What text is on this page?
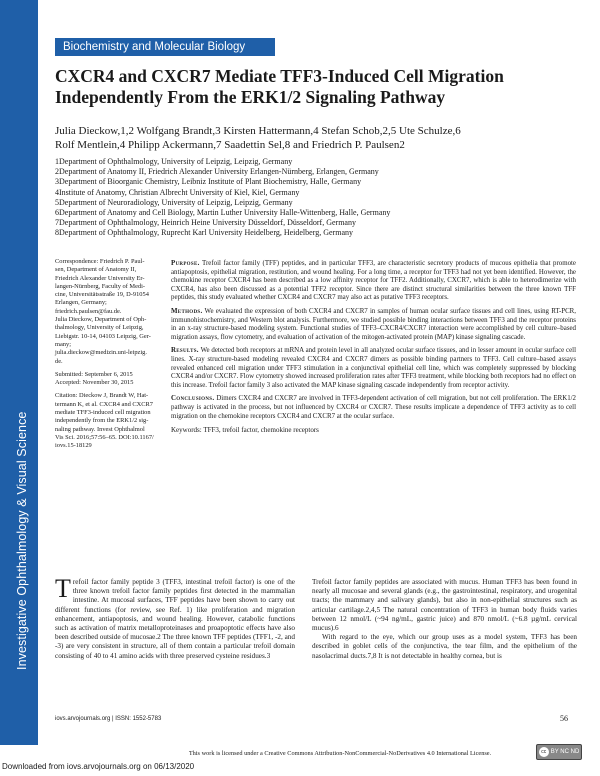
Investigative Ophthalmology & Visual Science
Biochemistry and Molecular Biology
CXCR4 and CXCR7 Mediate TFF3-Induced Cell Migration
Independently From the ERK1/2 Signaling Pathway
Julia Dieckow,1,2 Wolfgang Brandt,3 Kirsten Hattermann,4 Stefan Schob,2,5 Ute Schulze,6
Rolf Mentlein,4 Philipp Ackermann,7 Saadettin Sel,8 and Friedrich P. Paulsen2
1Department of Ophthalmology, University of Leipzig, Leipzig, Germany
2Department of Anatomy II, Friedrich Alexander University Erlangen-Nürnberg, Erlangen, Germany
3Department of Bioorganic Chemistry, Leibniz Institute of Plant Biochemistry, Halle, Germany
4Institute of Anatomy, Christian Albrecht University of Kiel, Kiel, Germany
5Department of Neuroradiology, University of Leipzig, Leipzig, Germany
6Department of Anatomy and Cell Biology, Martin Luther University Halle-Wittenberg, Halle, Germany
7Department of Ophthalmology, Heinrich Heine University Düsseldorf, Düsseldorf, Germany
8Department of Ophthalmology, Ruprecht Karl University Heidelberg, Heidelberg, Germany
Correspondence: Friedrich P. Paul-
sen, Department of Anatomy II,
Friedrich Alexander University Er-
langen-Nürnberg, Faculty of Medi-
cine, Universitätsstraße 19, D-91054
Erlangen, Germany;
friedrich.paulsen@fau.de.
Julia Dieckow, Department of Oph-
thalmology, University of Leipzig,
Liebigstr. 10-14, 04103 Leipzig, Ger-
many;
julia.dieckow@medizin.uni-leipzig.
de.
Submitted: September 6, 2015
Accepted: November 30, 2015
Citation: Dieckow J, Brandt W, Hat-
termann K, et al. CXCR4 and CXCR7
mediate TFF3-induced cell migration
independently from the ERK1/2 sig-
naling pathway. Invest Ophthalmol
Vis Sci. 2016;57:56–65. DOI:10.1167/
iovs.15-18129

Purpose. Trefoil factor family (TFF) peptides, and in particular TFF3, are characteristic secretory products of mucous epithelia that promote antiapoptosis, epithelial migration, restitution, and wound healing. For a long time, a receptor for TFF3 had not yet been identified. However, the chemokine receptor CXCR4 has been described as a low affinity receptor for TFF2. Additionally, CXCR7, which is able to heterodimerize with CXCR4, has also been discussed as a potential TFF2 receptor. Since there are distinct structural similarities between the three known TFF peptides, this study evaluated whether CXCR4 and CXCR7 may also act as putative TFF3 receptors.

Methods. We evaluated the expression of both CXCR4 and CXCR7 in samples of human ocular surface tissues and cell lines, using RT-PCR, immunohistochemistry, and Western blot analysis. Furthermore, we studied possible binding interactions between TFF3 and the receptor proteins in an x-ray structure-based modeling system. Functional studies of TFF3–CXCR4/CXCR7 interaction were accomplished by cell culture–based migration assays, flow cytometry, and evaluation of activation of the mitogen-activated protein (MAP) kinase signaling cascade.

Results. We detected both receptors at mRNA and protein level in all analyzed ocular surface tissues, and in lesser amount in ocular surface cell lines. X-ray structure-based modeling revealed CXCR4 and CXCR7 dimers as possible binding partners to TFF3. Cell culture–based assays revealed enhanced cell migration under TFF3 stimulation in a conjunctival epithelial cell line, which was completely suppressed by blocking CXCR4 and/or CXCR7. Flow cytometry showed increased proliferation rates after TFF3 treatment, while blocking both receptors had no effect on this increase. Trefoil factor family 3 also activated the MAP kinase signaling cascade independently from receptor activity.

Conclusions. Dimers CXCR4 and CXCR7 are involved in TFF3-dependent activation of cell migration, but not cell proliferation. The ERK1/2 pathway is activated in the process, but not influenced by CXCR4 or CXCR7. These results implicate a dependence of TFF3 activity as to cell migration on the chemokine receptors CXCR4 and CXCR7 at the ocular surface.

Keywords: TFF3, trefoil factor, chemokine receptors

Trefoil factor family peptide 3 (TFF3, intestinal trefoil factor) is one of the three known trefoil factor family peptides first detected in the mammalian intestine. At mucosal surfaces, TFF peptides have been shown to carry out different functions (for review, see Ref. 1) like proliferation and migration enhancement, antiapoptosis, and wound healing. However, catabolic functions such as activation of matrix metalloproteinases and proapoptotic effects have also been described outside of mucosae.2 The three known TFF peptides (TFF1, -2, and -3) are very consistent in structure, all of them contain a particular trefoil domain consisting of 40 to 41 amino acids with three preserved cysteine residues.3

Trefoil factor family peptides are associated with mucus. Human TFF3 has been found in nearly all mucosae and several glands (e.g., the gastrointestinal, respiratory, and urogenital tracts; the mammary and salivary glands), but also in non-epithelial structures such as articular cartilage.2,4,5 The natural concentration of TFF3 in human body fluids varies between 12 nmol/L (~94 ng/mL, gastric juice) and 870 nmol/L (~6.8 µg/mL cervical mucus).6

With regard to the eye, which our group uses as a model system, TFF3 has been described in goblet cells of the conjunctiva, the tear film, and the epithelium of the nasolacrimal ducts.7,8 It is not detectable in healthy cornea, but is

iovs.arvojournals.org | ISSN: 1552-5783	56
This work is licensed under a Creative Commons Attribution-NonCommercial-NoDerivatives 4.0 International License.	cc BY NC ND
Downloaded from iovs.arvojournals.org on 06/13/2020
